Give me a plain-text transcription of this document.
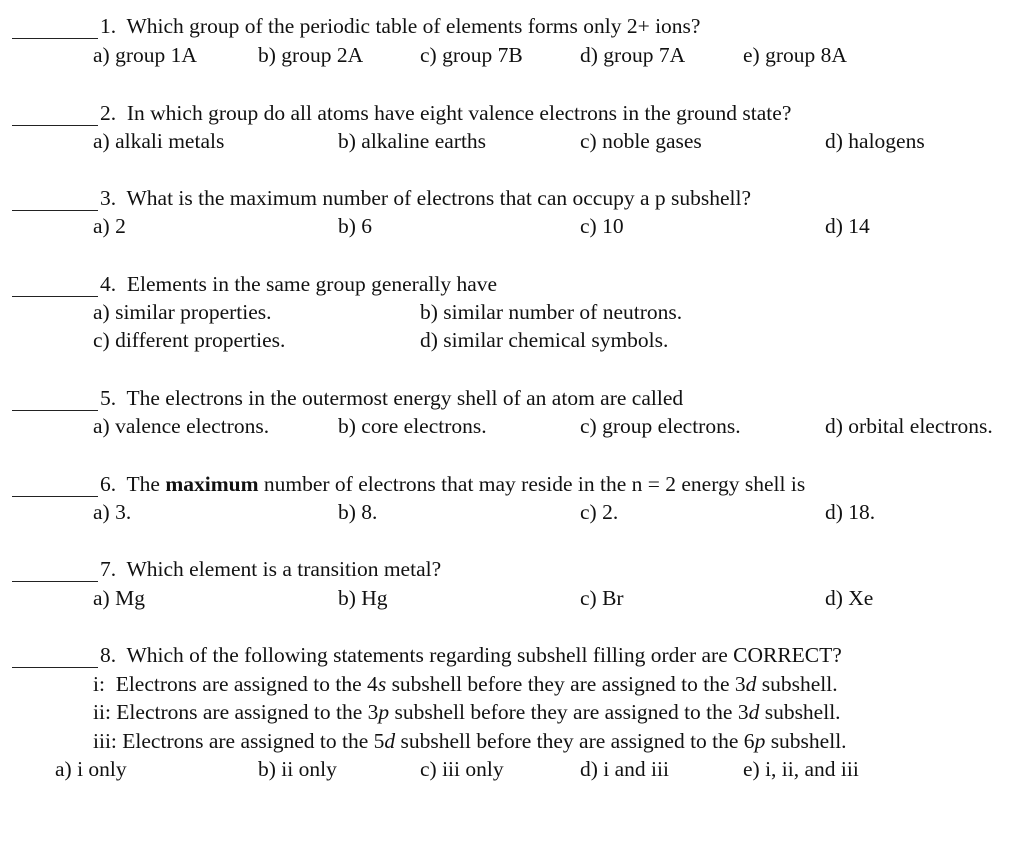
1. Which group of the periodic table of elements forms only 2+ ions?
a) group 1A	b) group 2A	c) group 7B	d) group 7A	e) group 8A
2. In which group do all atoms have eight valence electrons in the ground state?
a) alkali metals	b) alkaline earths	c) noble gases	d) halogens
3. What is the maximum number of electrons that can occupy a p subshell?
a) 2	b) 6	c) 10	d) 14
4. Elements in the same group generally have
a) similar properties.	b) similar number of neutrons.
c) different properties.	d) similar chemical symbols.
5. The electrons in the outermost energy shell of an atom are called
a) valence electrons.	b) core electrons.	c) group electrons.	d) orbital electrons.
6. The maximum number of electrons that may reside in the n = 2 energy shell is
a) 3.	b) 8.	c) 2.	d) 18.
7. Which element is a transition metal?
a) Mg	b) Hg	c) Br	d) Xe
8. Which of the following statements regarding subshell filling order are CORRECT?
i: Electrons are assigned to the 4s subshell before they are assigned to the 3d subshell.
ii: Electrons are assigned to the 3p subshell before they are assigned to the 3d subshell.
iii: Electrons are assigned to the 5d subshell before they are assigned to the 6p subshell.
a) i only	b) ii only	c) iii only	d) i and iii	e) i, ii, and iii
